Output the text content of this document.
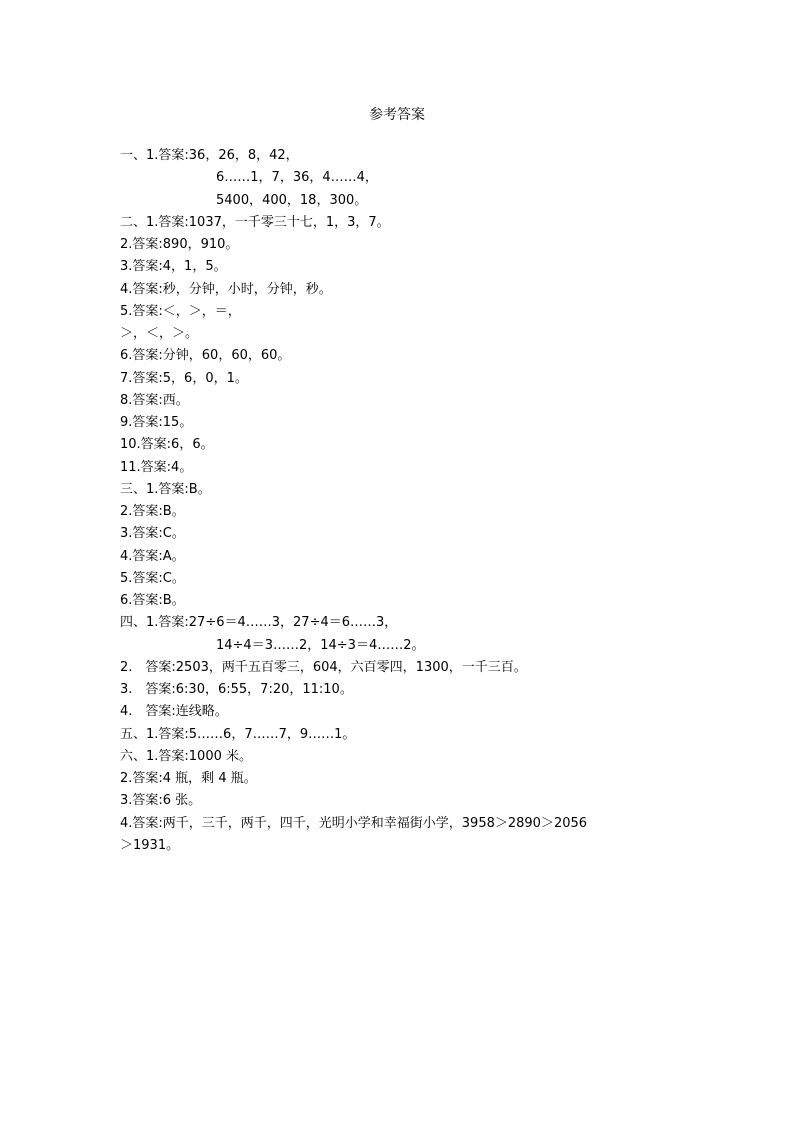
参考答案
一、1.答案:36，26，8，42，
6……1，7，36，4……4，
5400，400，18，300。
二、1.答案:1037，一千零三十七，1，3，7。
2.答案:890，910。
3.答案:4，1，5。
4.答案:秒，分钟，小时，分钟，秒。
5.答案:＜，＞，＝，
＞，＜，＞。
6.答案:分钟，60，60，60。
7.答案:5，6，0，1。
8.答案:西。
9.答案:15。
10.答案:6，6。
11.答案:4。
三、1.答案:B。
2.答案:B。
3.答案:C。
4.答案:A。
5.答案:C。
6.答案:B。
四、1.答案:27÷6＝4……3，27÷4＝6……3，
14÷4＝3……2，14÷3＝4……2。
2.　答案:2503，两千五百零三，604，六百零四，1300，一千三百。
3.　答案:6:30，6:55，7:20，11:10。
4.　答案:连线略。
五、1.答案:5……6，7……7，9……1。
六、1.答案:1000 米。
2.答案:4 瓶，剩 4 瓶。
3.答案:6 张。
4.答案:两千，三千，两千，四千，光明小学和幸福街小学，3958＞2890＞2056
＞1931。
